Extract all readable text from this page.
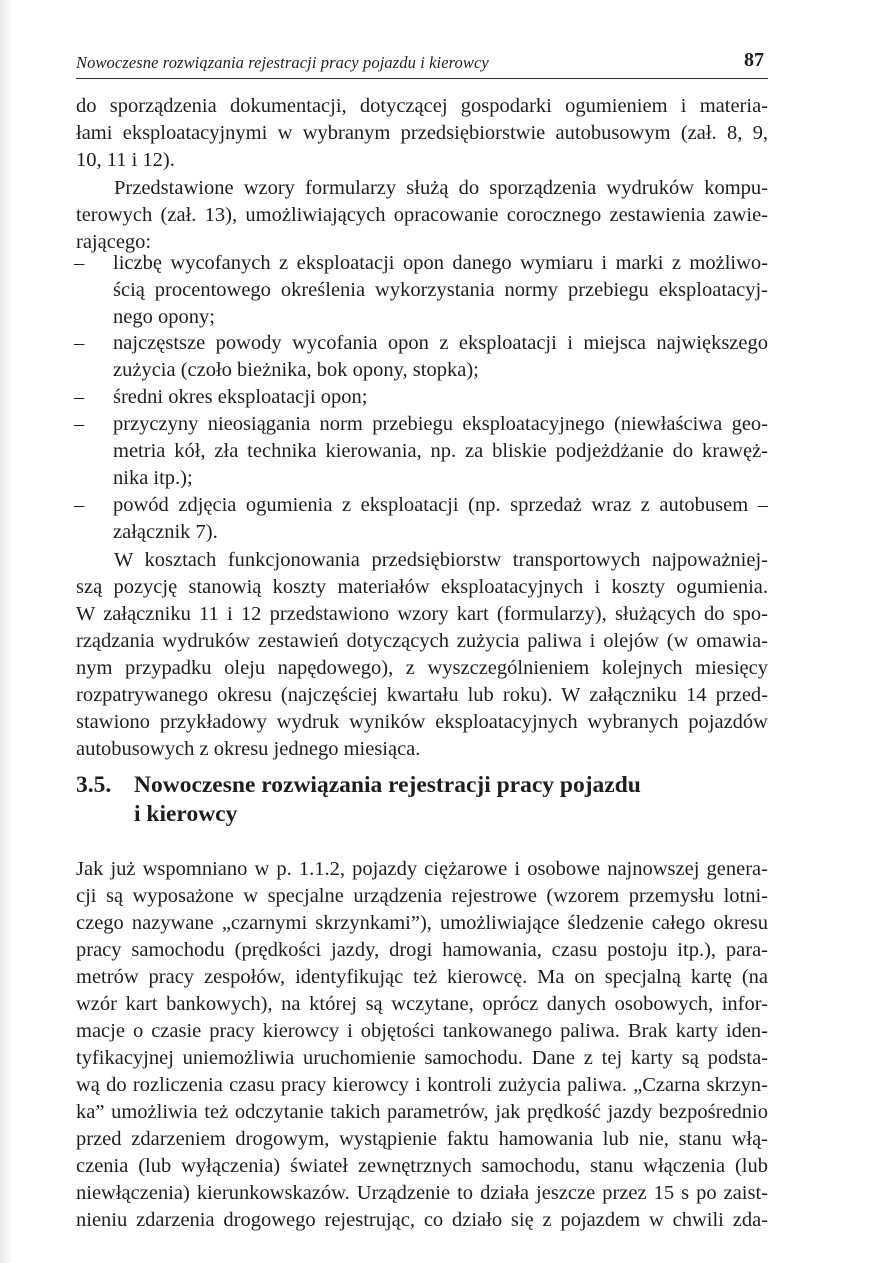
Nowoczesne rozwiązania rejestracji pracy pojazdu i kierowcy	87
do sporządzenia dokumentacji, dotyczącej gospodarki ogumieniem i materia-
łami eksploatacyjnymi w wybranym przedsiębiorstwie autobusowym (zał. 8, 9,
10, 11 i 12).
Przedstawione wzory formularzy służą do sporządzenia wydruków kompu-
terowych (zał. 13), umożliwiających opracowanie corocznego zestawienia zawie-
rającego:
– liczbę wycofanych z eksploatacji opon danego wymiaru i marki z możliwo-
ścią procentowego określenia wykorzystania normy przebiegu eksploatacyj-
nego opony;
– najczęstsze powody wycofania opon z eksploatacji i miejsca największego
zużycia (czoło bieżnika, bok opony, stopka);
– średni okres eksploatacji opon;
– przyczyny nieosiągania norm przebiegu eksploatacyjnego (niewłaściwa geo-
metria kół, zła technika kierowania, np. za bliskie podjeżdżanie do krawęż-
nika itp.);
– powód zdjęcia ogumienia z eksploatacji (np. sprzedaż wraz z autobusem –
załącznik 7).
W kosztach funkcjonowania przedsiębiorstw transportowych najpoważniej-
szą pozycję stanowią koszty materiałów eksploatacyjnych i koszty ogumienia.
W załączniku 11 i 12 przedstawiono wzory kart (formularzy), służących do spo-
rządzania wydruków zestawień dotyczących zużycia paliwa i olejów (w omawia-
nym przypadku oleju napędowego), z wyszczególnieniem kolejnych miesięcy
rozpatrywanego okresu (najczęściej kwartału lub roku). W załączniku 14 przed-
stawiono przykładowy wydruk wyników eksploatacyjnych wybranych pojazdów
autobusowych z okresu jednego miesiąca.
3.5. Nowoczesne rozwiązania rejestracji pracy pojazdu
i kierowcy
Jak już wspomniano w p. 1.1.2, pojazdy ciężarowe i osobowe najnowszej genera-
cji są wyposażone w specjalne urządzenia rejestrowe (wzorem przemysłu lotni-
czego nazywane „czarnymi skrzynkami”), umożliwiające śledzenie całego okresu
pracy samochodu (prędkości jazdy, drogi hamowania, czasu postoju itp.), para-
metrów pracy zespołów, identyfikując też kierowcę. Ma on specjalną kartę (na
wzór kart bankowych), na której są wczytane, oprócz danych osobowych, infor-
macje o czasie pracy kierowcy i objętości tankowanego paliwa. Brak karty iden-
tyfikacyjnej uniemożliwia uruchomienie samochodu. Dane z tej karty są podsta-
wą do rozliczenia czasu pracy kierowcy i kontroli zużycia paliwa. „Czarna skrzyn-
ka” umożliwia też odczytanie takich parametrów, jak prędkość jazdy bezpośrednio
przed zdarzeniem drogowym, wystąpienie faktu hamowania lub nie, stanu włą-
czenia (lub wyłączenia) świateł zewnętrznych samochodu, stanu włączenia (lub
niewłączenia) kierunkowskazów. Urządzenie to działa jeszcze przez 15 s po zaist-
nieniu zdarzenia drogowego rejestrując, co działo się z pojazdem w chwili zda-
